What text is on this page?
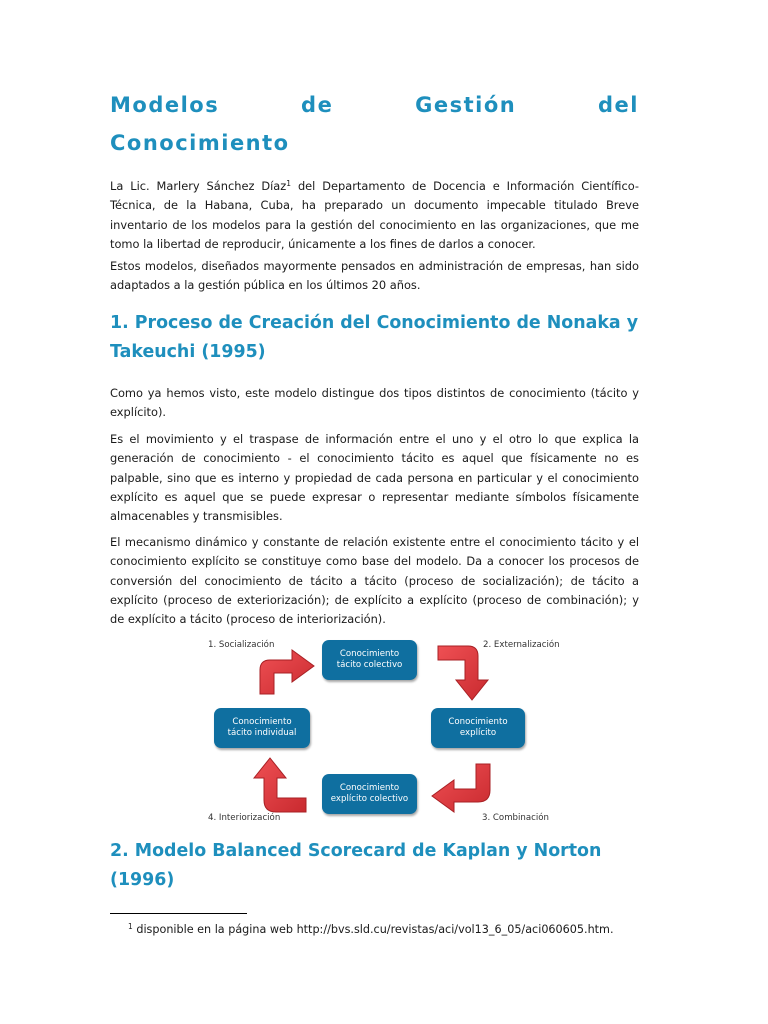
Modelos	de	Gestión	del
Conocimiento

La Lic. Marlery Sánchez Díaz$^1$ del Departamento de Docencia e Información Científico-Técnica, de la Habana, Cuba, ha preparado un documento impecable titulado Breve inventario de los modelos para la gestión del conocimiento en las organizaciones, que me tomo la libertad de reproducir, únicamente a los fines de darlos a conocer.

Estos modelos, diseñados mayormente pensados en administración de empresas, han sido adaptados a la gestión pública en los últimos 20 años.

1. Proceso de Creación del Conocimiento de Nonaka y Takeuchi (1995)

Como ya hemos visto, este modelo distingue dos tipos distintos de conocimiento (tácito y explícito).

Es el movimiento y el traspase de información entre el uno y el otro lo que explica la generación de conocimiento - el conocimiento tácito es aquel que físicamente no es palpable, sino que es interno y propiedad de cada persona en particular y el conocimiento explícito es aquel que se puede expresar o representar mediante símbolos físicamente almacenables y transmisibles.

El mecanismo dinámico y constante de relación existente entre el conocimiento tácito y el conocimiento explícito se constituye como base del modelo. Da a conocer los procesos de conversión del conocimiento de tácito a tácito (proceso de socialización); de tácito a explícito (proceso de exteriorización); de explícito a explícito (proceso de combinación); y de explícito a tácito (proceso de interiorización).

2. Modelo Balanced Scorecard de Kaplan y Norton (1996)
1. Socialización	2. Externalización
3. Combinación
4. Interiorización
Conocimiento
tácito colectivo
Conocimiento
explícito
Conocimiento
explícito colectivo
Conocimiento
tácito individual
$^1$ disponible en la página web http://bvs.sld.cu/revistas/aci/vol13_6_05/aci060605.htm.
